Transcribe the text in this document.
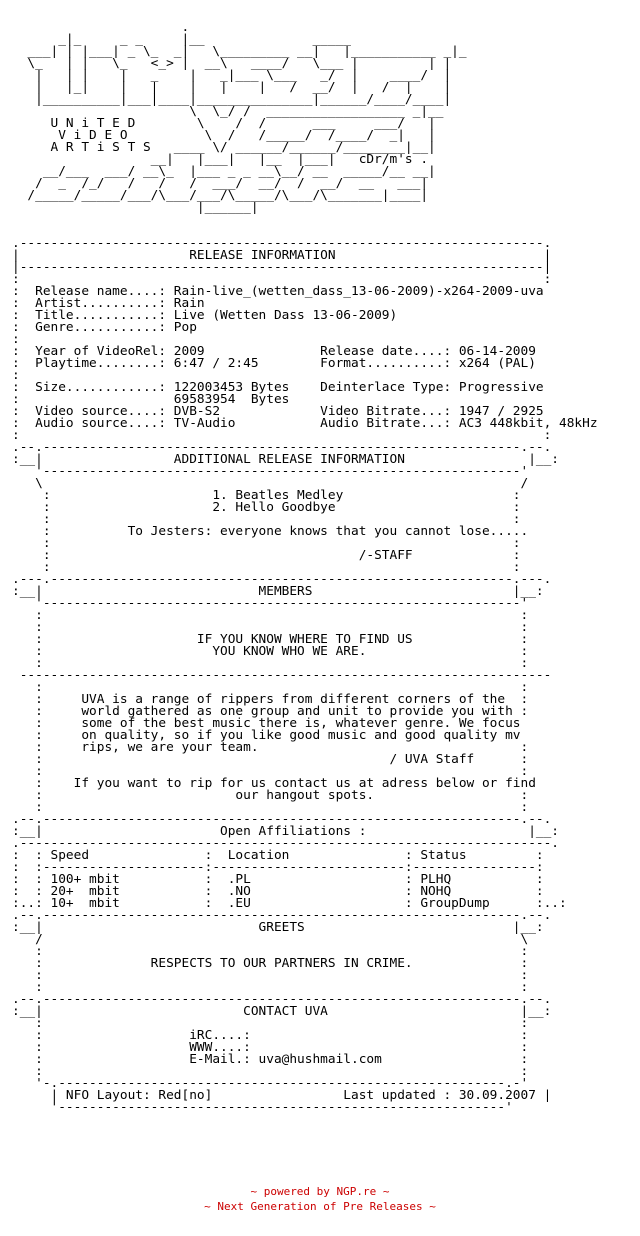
.
_|_     _ _     |__              _____
___| | |___| _ \_  _|   \_________ __|   |___________ _|_
\_   | |   \_   <_> |  __\   ____/   \___ |         | |
|   | |    |   _    |   _|___ \___   _/  |    ____/  |
|   |_|    |   |    |   |    |   /  __/  |   /  |    |
|__________|___|____|_______________|______/____/____|
\  \_/ /  __________________ _|__
U N i T E D        \    /  /      ___     ___/   |
V i D E O          \  /   /_____/  /____/  _|   |
A R T i S T S   ____ \/ ______/______/________|__|
__|   |___|   |__  |___|   cDr/m's .
__/___  ___/ __\_  |___ _ _ __\__/ __  _____/__ __|
/  _  /_/   /   /   /  ___/  __/  /  __/  __   ___|
/_____/_____/___/\___/___/\_____/\___/\_______|____|
|______|

.--------------------------------------------------------------------.
|                      RELEASE INFORMATION                           |
|--------------------------------------------------------------------|
:                                                                    :
:  Release name....: Rain-live_(wetten_dass_13-06-2009)-x264-2009-uva
:  Artist..........: Rain
:  Title...........: Live (Wetten Dass 13-06-2009)
:  Genre...........: Pop
:
:  Year of VideoRel: 2009               Release date....: 06-14-2009
:  Playtime........: 6:47 / 2:45        Format..........: x264 (PAL)
:
:  Size............: 122003453 Bytes    Deinterlace Type: Progressive
:                    69583954  Bytes
:  Video source....: DVB-S2             Video Bitrate...: 1947 / 2925
:  Audio source....: TV-Audio           Audio Bitrate...: AC3 448kbit, 48kHz
:                                                                    :
.--.--------------------------------------------------------------.--.
:__|                 ADDITIONAL RELEASE INFORMATION                |__:
'--------------------------------------------------------------'
\                                                              /
:                     1. Beatles Medley                      :
:                     2. Hello Goodbye                       :
:                                                            :
:          To Jesters: everyone knows that you cannot lose.....
:                                                            :
:                                        /-STAFF             :
:                                                            :
.---.------------------------------------------------------------.---.
:__|                            MEMBERS                          |__:
'--------------------------------------------------------------'
:                                                              :
:                                                              :
:                    IF YOU KNOW WHERE TO FIND US              :
:                      YOU KNOW WHO WE ARE.                    :
:                                                              :
---------------------------------------------------------------------
:                                                              :
:     UVA is a range of rippers from different corners of the  :
:     world gathered as one group and unit to provide you with :
:     some of the best music there is, whatever genre. We focus
:     on quality, so if you like good music and good quality mv
:     rips, we are your team.                                  :
:                                             / UVA Staff      :
:                                                              :
:    If you want to rip for us contact us at adress below or find
:                         our hangout spots.                   :
:                                                              :
.--.--------------------------------------------------------------.--.
:__|                       Open Affiliations :                     |__:
.---------------------------------------------------------------------.
:  : Speed               :  Location               : Status         :
:  :---------------------:-------------------------:----------------:
:  : 100+ mbit           :  .PL                    : PLHQ           :
:  : 20+  mbit           :  .NO                    : NOHQ           :
:..: 10+  mbit           :  .EU                    : GroupDump      :..:
.--.--------------------------------------------------------------.--.
:__|                            GREETS                           |__:
/                                                              \
:                                                              :
:              RESPECTS TO OUR PARTNERS IN CRIME.              :
:                                                              :
:                                                              :
.--.--------------------------------------------------------------.--.
:__|                          CONTACT UVA                         |__:
:                                                              :
:                   iRC....:                                   :
:                   WWW....:                                   :
:                   E-Mail.: uva@hushmail.com                  :
:                                                              :
'-.----------------------------------------------------------.-'
| NFO Layout: Red[no]                 Last updated : 30.09.2007 |
'----------------------------------------------------------'
~ powered by NGP.re ~
~ Next Generation of Pre Releases ~
